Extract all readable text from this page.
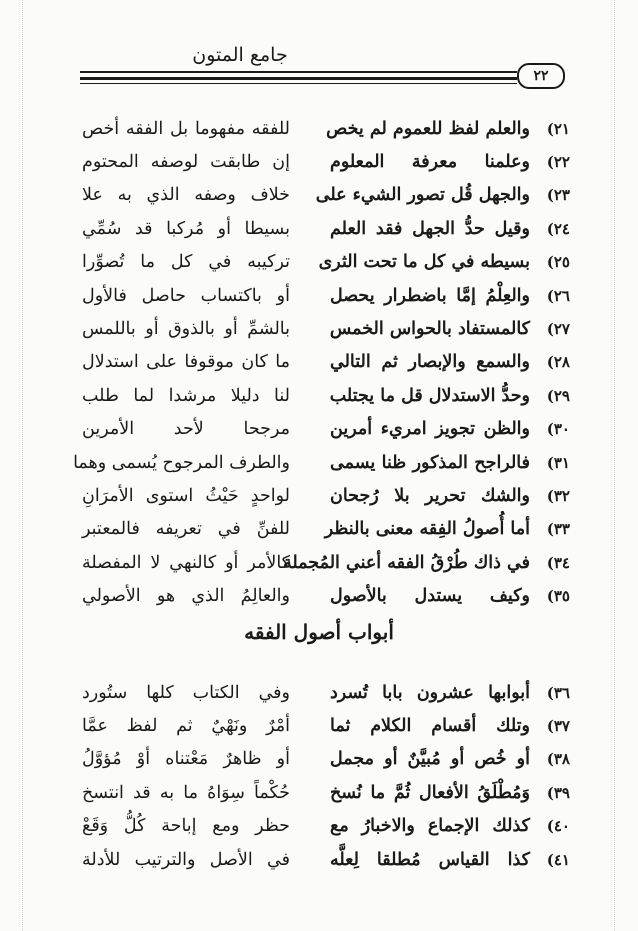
جامع المتون
٢٢
٢١)
والعلم لفظ للعموم لم يخص
للفقه مفهوما بل الفقه أخص
٢٢)
وعلمنا معرفة المعلوم
إن طابقت لوصفه المحتوم
٢٣)
والجهل قُل تصور الشيء على
خلاف وصفه الذي به علا
٢٤)
وقيل حدُّ الجهل فقد العلم
بسيطا أو مُركبا قد سُمِّي
٢٥)
بسيطه في كل ما تحت الثرى
تركيبه في كل ما تُصوِّرا
٢٦)
والعِلْمُ إمَّا باضطرار يحصل
أو باكتساب حاصل فالأول
٢٧)
كالمستفاد بالحواس الخمس
بالشمِّ أو بالذوق أو باللمس
٢٨)
والسمع والإبصار ثم التالي
ما كان موقوفا على استدلال
٢٩)
وحدُّ الاستدلال قل ما يجتلب
لنا دليلا مرشدا لما طلب
٣٠)
والظن تجويز امريء أمرين
مرجحا لأحد الأمرين
٣١)
فالراجح المذكور ظنا يسمى
والطرف المرجوح يُسمى وهما
٣٢)
والشك تحرير بلا رُجحان
لواحدٍ حَيْثُ استوى الأمرَانِ
٣٣)
أما أُصولُ الفِقه معنى بالنظر
للفنِّ في تعريفه فالمعتبر
٣٤)
في ذاك طُرْقُ الفقه أعني المُجملة
كالأمر أو كالنهي لا المفصلة
٣٥)
وكيف يستدل بالأصول
والعالِمُ الذي هو الأصولي
أبواب أصول الفقه
٣٦)
أبوابها عشرون بابا تُسرد
وفي الكتاب كلها ستُورد
٣٧)
وتلك أقسام الكلام ثما
أمْرٌ ونَهْيٌ ثم لفظ عمَّا
٣٨)
أو خُص أو مُبيَّنٌ أو مجمل
أو ظاهرٌ مَعْتناه أوْ مُؤوَّلُ
٣٩)
وَمُطْلَقُ الأفعال ثُمَّ ما نُسخ
حُكْماً سِوَاهُ ما به قد انتسخ
٤٠)
كذلك الإجماع والاخبارُ مع
حظر ومع إباحة كُلُّ وَقَعْ
٤١)
كذا القياس مُطلقا لِعلَّه
في الأصل والترتيب للأدلة
